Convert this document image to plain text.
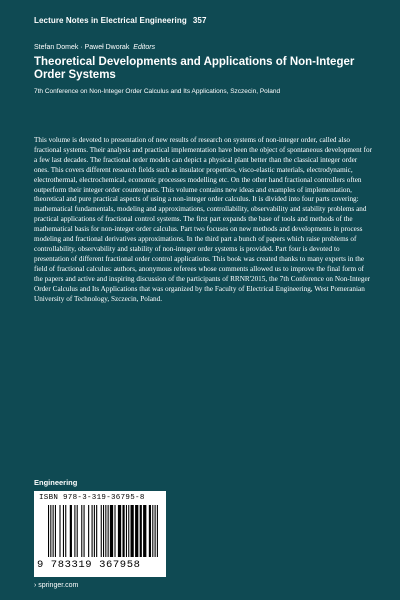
Lecture Notes in Electrical Engineering 357
Stefan Domek · Paweł Dworak Editors
Theoretical Developments and Applications of Non-Integer Order Systems
7th Conference on Non-Integer Order Calculus and Its Applications, Szczecin, Poland
This volume is devoted to presentation of new results of research on systems of non-integer order, called also fractional systems. Their analysis and practical implementation have been the object of spontaneous development for a few last decades. The fractional order models can depict a physical plant better than the classical integer order ones. This covers different research fields such as insulator properties, visco-elastic materials, electrodynamic, electrothermal, electrochemical, economic processes modelling etc. On the other hand fractional controllers often outperform their integer order counterparts. This volume contains new ideas and examples of implementation, theoretical and pure practical aspects of using a non-integer order calculus. It is divided into four parts covering: mathematical fundamentals, modeling and approximations, controllability, observability and stability problems and practical applications of fractional control systems. The first part expands the base of tools and methods of the mathematical basis for non-integer order calculus. Part two focuses on new methods and developments in process modeling and fractional derivatives approximations. In the third part a bunch of papers which raise problems of controllability, observability and stability of non-integer order systems is provided. Part four is devoted to presentation of different fractional order control applications. This book was created thanks to many experts in the field of fractional calculus: authors, anonymous referees whose comments allowed us to improve the final form of the papers and active and inspiring discussion of the participants of RRNR'2015, the 7th Conference on Non-Integer Order Calculus and Its Applications that was organized by the Faculty of Electrical Engineering, West Pomeranian University of Technology, Szczecin, Poland.
Engineering
ISBN 978-3-319-36795-8
9 783319 367958
› springer.com
